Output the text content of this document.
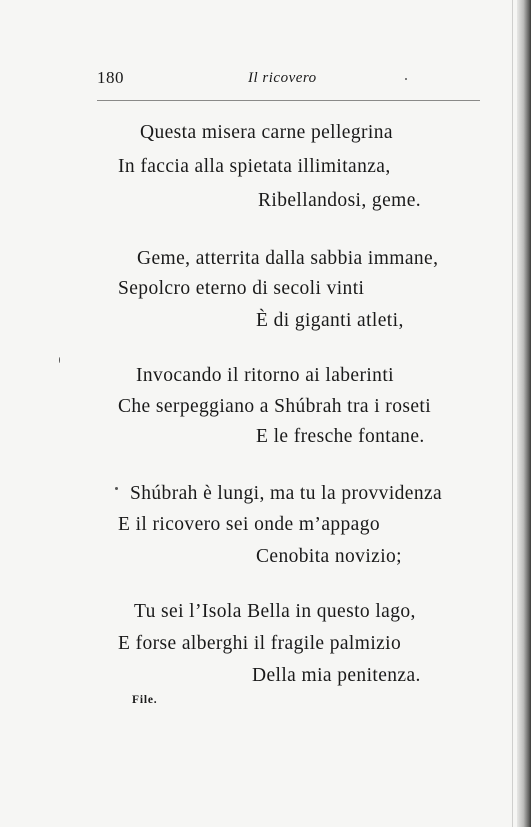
180	Il ricovero
Questa misera carne pellegrina
In faccia alla spietata illimitanza,
Ribellandosi, geme.
Geme, atterrita dalla sabbia immane,
Sepolcro eterno di secoli vinti
È di giganti atleti,
Invocando il ritorno ai laberinti
Che serpeggiano a Shúbrah tra i roseti
E le fresche fontane.
Shúbrah è lungi, ma tu la provvidenza
E il ricovero sei onde m’appago
Cenobita novizio;
Tu sei l’Isola Bella in questo lago,
E forse alberghi il fragile palmizio
Della mia penitenza.
File.
